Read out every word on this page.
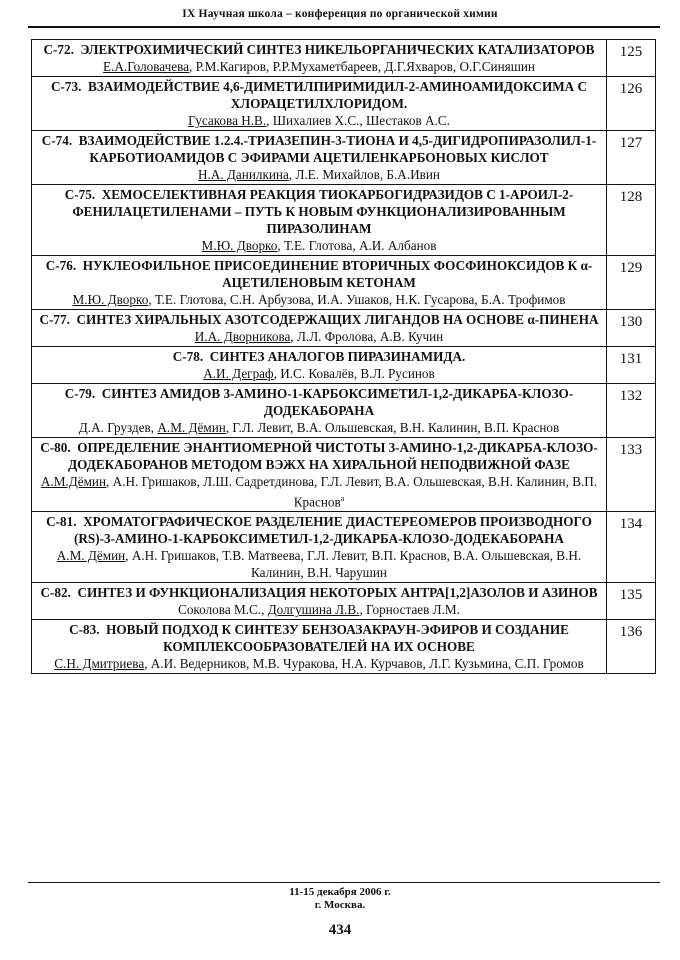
IX Научная школа – конференция по органической химии
С-72. ЭЛЕКТРОХИМИЧЕСКИЙ СИНТЕЗ НИКЕЛЬОРГАНИЧЕСКИХ КАТАЛИЗАТОРОВ
Е.А.Головачева, Р.М.Кагиров, Р.Р.Мухаметбареев, Д.Г.Яхваров, О.Г.Синяшин	125

С-73. ВЗАИМОДЕЙСТВИЕ 4,6-ДИМЕТИЛПИРИМИДИЛ-2-АМИНОАМИДОКСИМА С ХЛОРАЦЕТИЛХЛОРИДОМ.
Гусакова Н.В., Шихалиев Х.С., Шестаков А.С.	126

С-74. ВЗАИМОДЕЙСТВИЕ 1.2.4.-ТРИАЗЕПИН-3-ТИОНА И 4,5-ДИГИДРОПИРАЗОЛИЛ-1-КАРБОТИОАМИДОВ С ЭФИРАМИ АЦЕТИЛЕНКАРБОНОВЫХ КИСЛОТ
Н.А. Данилкина, Л.Е. Михайлов, Б.А.Ивин	127

С-75. ХЕМОСЕЛЕКТИВНАЯ РЕАКЦИЯ ТИОКАРБОГИДРАЗИДОВ С 1-АРОИЛ-2-ФЕНИЛАЦЕТИЛЕНАМИ – ПУТЬ К НОВЫМ ФУНКЦИОНАЛИЗИРОВАННЫМ ПИРАЗОЛИНАМ
М.Ю. Дворко, Т.Е. Глотова, А.И. Албанов	128

С-76. НУКЛЕОФИЛЬНОЕ ПРИСОЕДИНЕНИЕ ВТОРИЧНЫХ ФОСФИНОКСИДОВ К α-АЦЕТИЛЕНОВЫМ КЕТОНАМ
М.Ю. Дворко, Т.Е. Глотова, С.Н. Арбузова, И.А. Ушаков, Н.К. Гусарова, Б.А. Трофимов	129

С-77. СИНТЕЗ ХИРАЛЬНЫХ АЗОТСОДЕРЖАЩИХ ЛИГАНДОВ НА ОСНОВЕ α-ПИНЕНА
И.А. Дворникова, Л.Л. Фролова, А.В. Кучин	130

С-78. СИНТЕЗ АНАЛОГОВ ПИРАЗИНАМИДА.
А.И. Деграф, И.С. Ковалёв, В.Л. Русинов	131

С-79. СИНТЕЗ АМИДОВ 3-АМИНО-1-КАРБОКСИМЕТИЛ-1,2-ДИКАРБА-КЛОЗО-ДОДЕКАБОРАНА
Д.А. Груздев, А.М. Дёмин, Г.Л. Левит, В.А. Ольшевская, В.Н. Калинин, В.П. Краснов	132

С-80. ОПРЕДЕЛЕНИЕ ЭНАНТИОМЕРНОЙ ЧИСТОТЫ 3-АМИНО-1,2-ДИКАРБА-КЛОЗО-ДОДЕКАБОРАНОВ МЕТОДОМ ВЭЖХ НА ХИРАЛЬНОЙ НЕПОДВИЖНОЙ ФАЗЕ
А.М.Дёмин, А.Н. Гришаков, Л.Ш. Садретдинова, Г.Л. Левит, В.А. Ольшевская, В.Н. Калинин, В.П. Краснов$^а$	133

С-81. ХРОМАТОГРАФИЧЕСКОЕ РАЗДЕЛЕНИЕ ДИАСТЕРЕОМЕРОВ ПРОИЗВОДНОГО (RS)-3-АМИНО-1-КАРБОКСИМЕТИЛ-1,2-ДИКАРБА-КЛОЗО-ДОДЕКАБОРАНА
А.М. Дёмин, А.Н. Гришаков, Т.В. Матвеева, Г.Л. Левит, В.П. Краснов, В.А. Ольшевская, В.Н. Калинин, В.Н. Чарушин	134

С-82. СИНТЕЗ И ФУНКЦИОНАЛИЗАЦИЯ НЕКОТОРЫХ АНТРА[1,2]АЗОЛОВ И АЗИНОВ
Соколова М.С., Долгушина Л.В., Горностаев Л.М.	135

С-83. НОВЫЙ ПОДХОД К СИНТЕЗУ БЕНЗОАЗАКРАУН-ЭФИРОВ И СОЗДАНИЕ КОМПЛЕКСООБРАЗОВАТЕЛЕЙ НА ИХ ОСНОВЕ
С.Н. Дмитриева, А.И. Ведерников, М.В. Чуракова, Н.А. Курчавов, Л.Г. Кузьмина, С.П. Громов	136
11-15 декабря 2006 г.
г. Москва.
434
